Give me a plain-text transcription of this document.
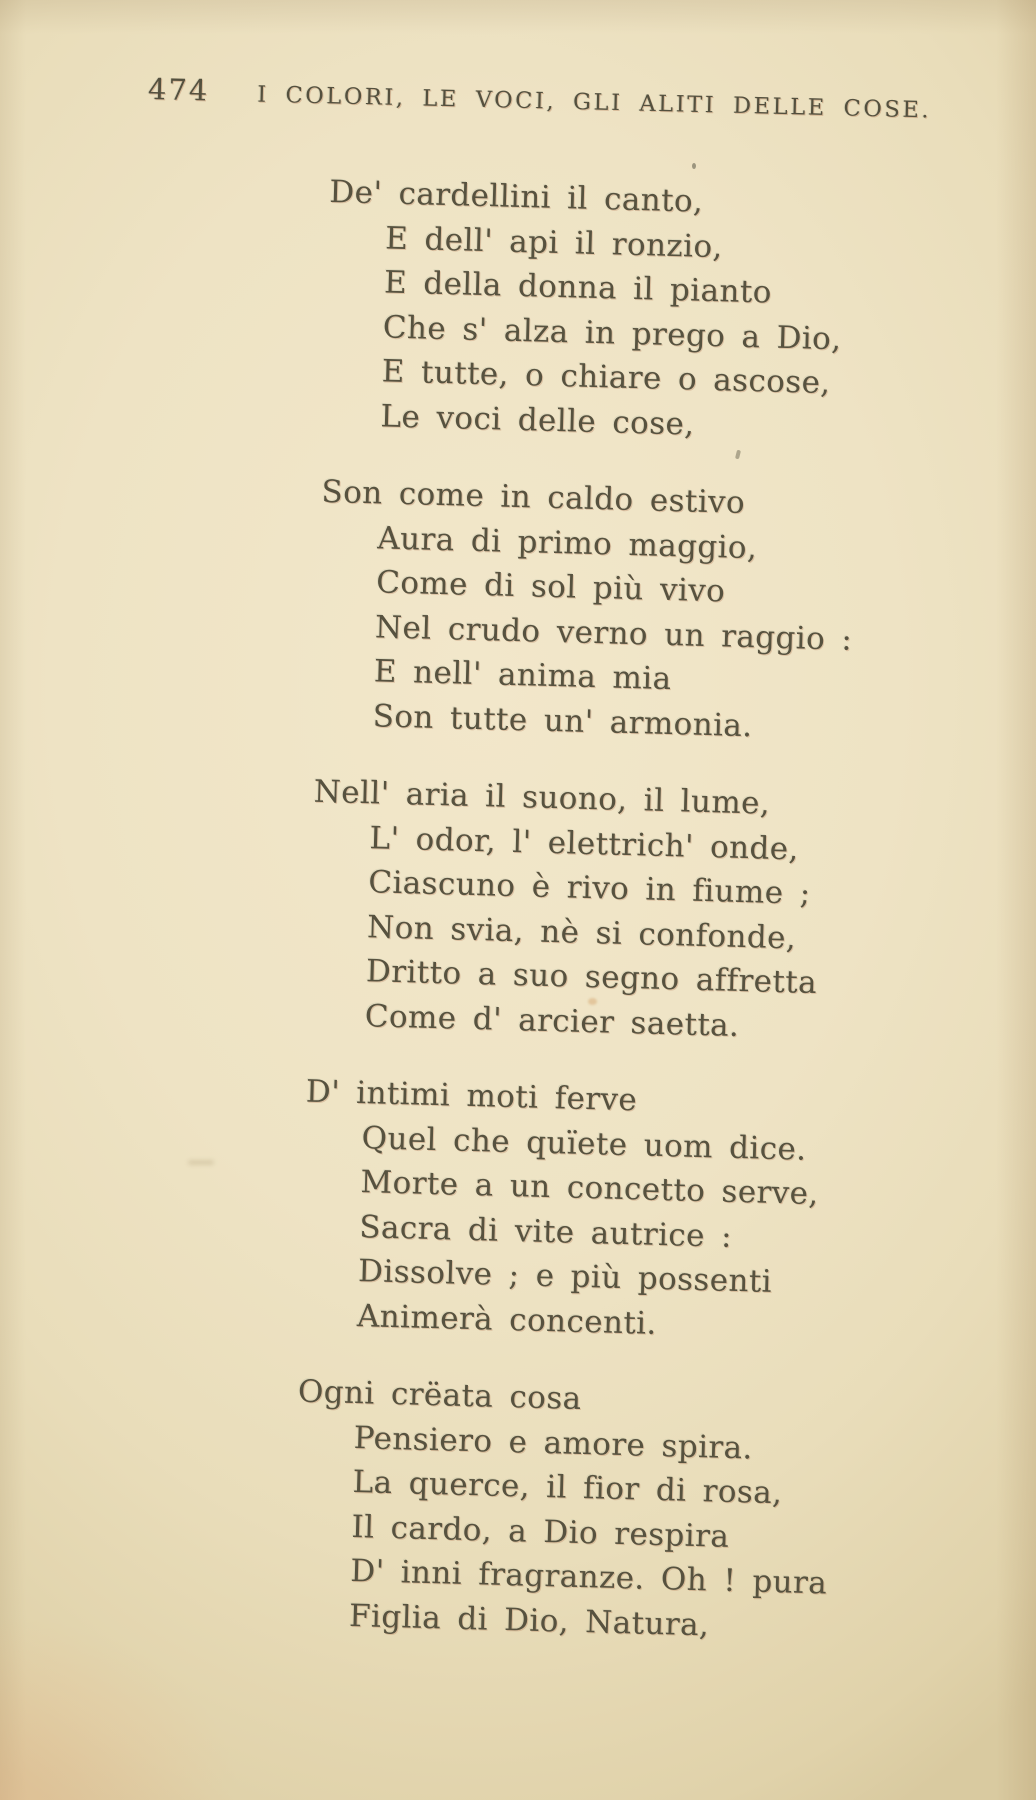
474 I COLORI, LE VOCI, GLI ALITI DELLE COSE.
De' cardellini il canto,
E dell' api il ronzio,
E della donna il pianto
Che s' alza in prego a Dio,
E tutte, o chiare o ascose,
Le voci delle cose,
Son come in caldo estivo
Aura di primo maggio,
Come di sol più vivo
Nel crudo verno un raggio :
E nell' anima mia
Son tutte un' armonia.
Nell' aria il suono, il lume,
L' odor, l' elettrich' onde,
Ciascuno è rivo in fiume ;
Non svia, nè si confonde,
Dritto a suo segno affretta
Come d' arcier saetta.
D' intimi moti ferve
Quel che quïete uom dice.
Morte a un concetto serve,
Sacra di vite autrice :
Dissolve ; e più possenti
Animerà concenti.
Ogni crëata cosa
Pensiero e amore spira.
La querce, il fior di rosa,
Il cardo, a Dio respira
D' inni fragranze. Oh ! pura
Figlia di Dio, Natura,
